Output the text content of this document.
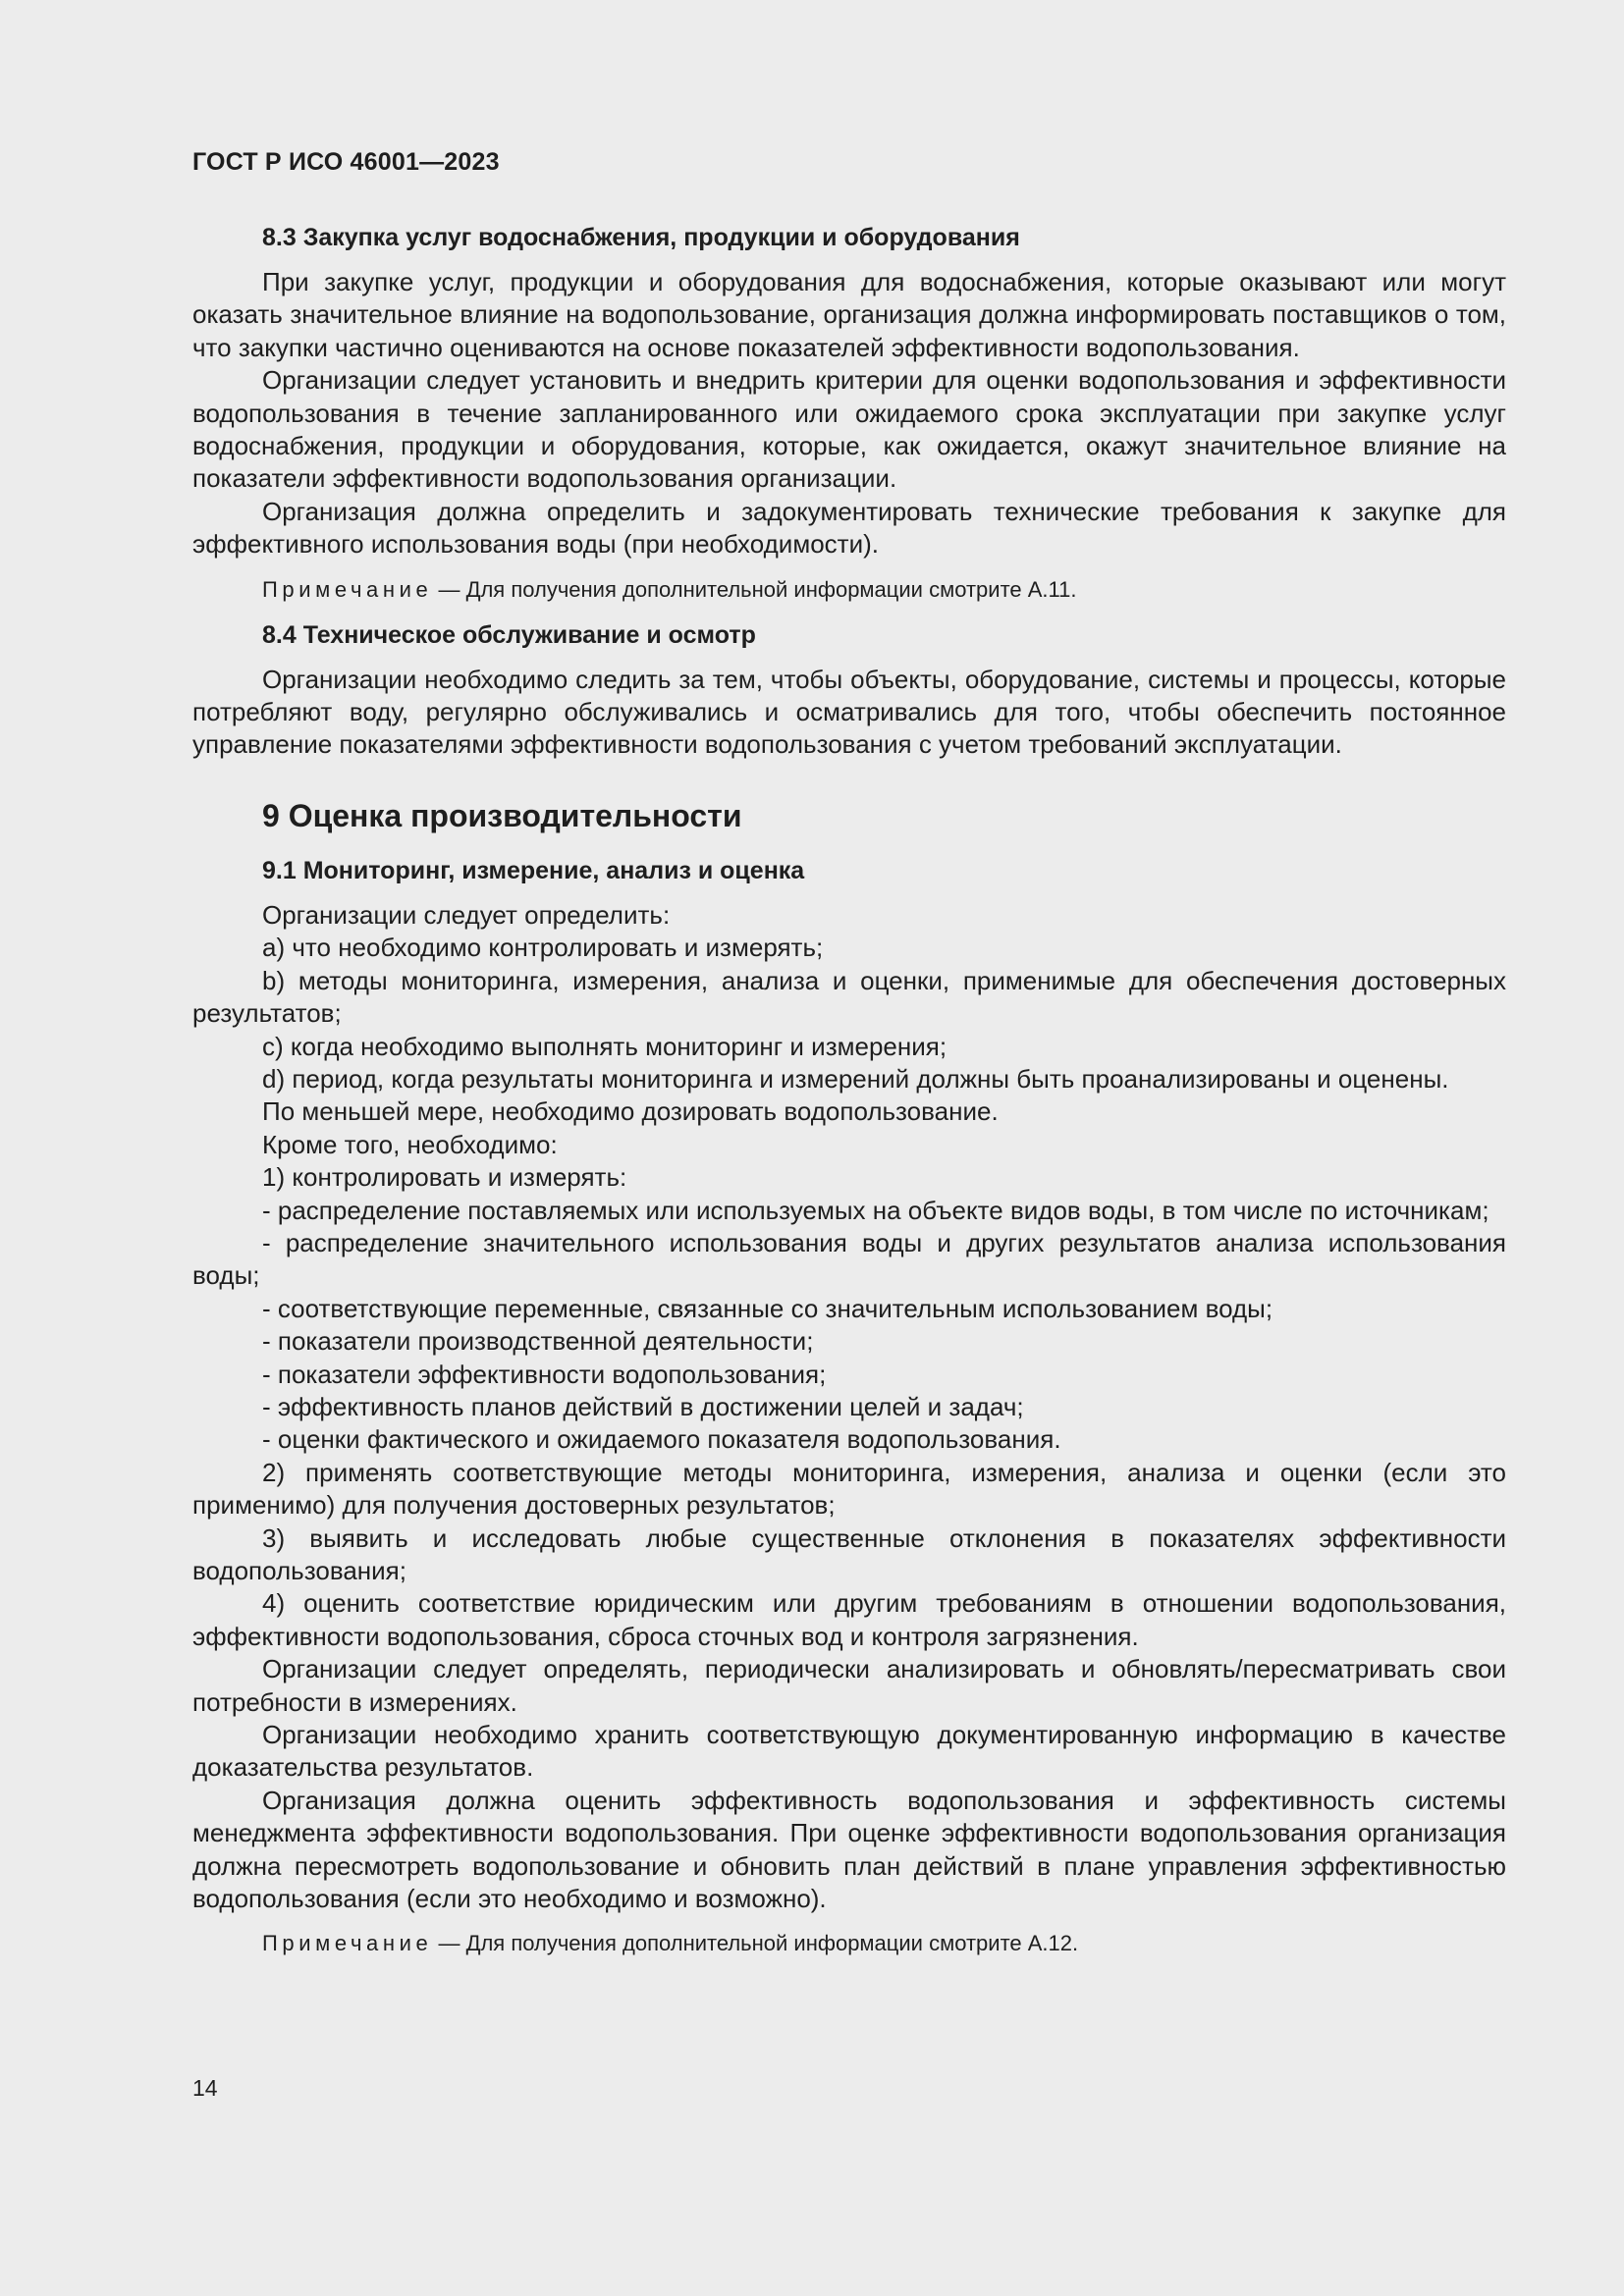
ГОСТ Р ИСО 46001—2023
8.3 Закупка услуг водоснабжения, продукции и оборудования

При закупке услуг, продукции и оборудования для водоснабжения, которые оказывают или могут оказать значительное влияние на водопользование, организация должна информировать поставщиков о том, что закупки частично оцениваются на основе показателей эффективности водопользования.

Организации следует установить и внедрить критерии для оценки водопользования и эффективности водопользования в течение запланированного или ожидаемого срока эксплуатации при закупке услуг водоснабжения, продукции и оборудования, которые, как ожидается, окажут значительное влияние на показатели эффективности водопользования организации.

Организация должна определить и задокументировать технические требования к закупке для эффективного использования воды (при необходимости).

Примечание — Для получения дополнительной информации смотрите А.11.
8.4 Техническое обслуживание и осмотр

Организации необходимо следить за тем, чтобы объекты, оборудование, системы и процессы, которые потребляют воду, регулярно обслуживались и осматривались для того, чтобы обеспечить постоянное управление показателями эффективности водопользования с учетом требований эксплуатации.

9 Оценка производительности
9.1 Мониторинг, измерение, анализ и оценка

Организации следует определить:

a) что необходимо контролировать и измерять;

b) методы мониторинга, измерения, анализа и оценки, применимые для обеспечения достоверных результатов;

c) когда необходимо выполнять мониторинг и измерения;

d) период, когда результаты мониторинга и измерений должны быть проанализированы и оценены.

По меньшей мере, необходимо дозировать водопользование.

Кроме того, необходимо:

1) контролировать и измерять:

- распределение поставляемых или используемых на объекте видов воды, в том числе по источникам;

- распределение значительного использования воды и других результатов анализа использования воды;

- соответствующие переменные, связанные со значительным использованием воды;

- показатели производственной деятельности;

- показатели эффективности водопользования;

- эффективность планов действий в достижении целей и задач;

- оценки фактического и ожидаемого показателя водопользования.

2) применять соответствующие методы мониторинга, измерения, анализа и оценки (если это применимо) для получения достоверных результатов;

3) выявить и исследовать любые существенные отклонения в показателях эффективности водопользования;

4) оценить соответствие юридическим или другим требованиям в отношении водопользования, эффективности водопользования, сброса сточных вод и контроля загрязнения.

Организации следует определять, периодически анализировать и обновлять/пересматривать свои потребности в измерениях.

Организации необходимо хранить соответствующую документированную информацию в качестве доказательства результатов.

Организация должна оценить эффективность водопользования и эффективность системы менеджмента эффективности водопользования. При оценке эффективности водопользования организация должна пересмотреть водопользование и обновить план действий в плане управления эффективностью водопользования (если это необходимо и возможно).

Примечание — Для получения дополнительной информации смотрите А.12.
14
